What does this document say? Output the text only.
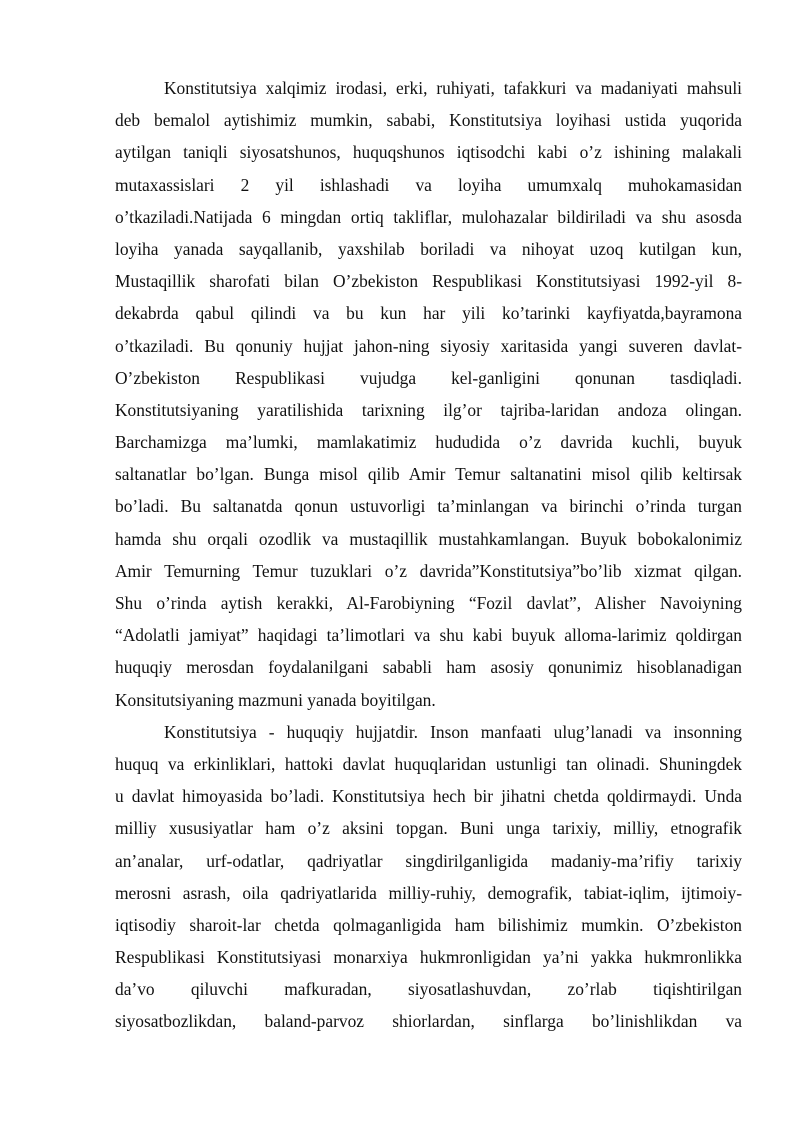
Konstitutsiya xalqimiz irodasi, erki, ruhiyati, tafakkuri va madaniyati mahsuli
deb bemalol aytishimiz mumkin, sababi, Konstitutsiya loyihasi ustida yuqorida
aytilgan taniqli siyosatshunos, huquqshunos iqtisodchi kabi o’z ishining malakali
mutaxassislari 2 yil ishlashadi va loyiha umumxalq muhokamasidan
o’tkaziladi.Natijada 6 mingdan ortiq takliflar, mulohazalar bildiriladi va shu asosda
loyiha yanada sayqallanib, yaxshilab boriladi va nihoyat uzoq kutilgan kun,
Mustaqillik sharofati bilan O’zbekiston Respublikasi Konstitutsiyasi 1992-yil 8-
dekabrda qabul qilindi va bu kun har yili ko’tarinki kayfiyatda,bayramona
o’tkaziladi. Bu qonuniy hujjat jahon-ning siyosiy xaritasida yangi suveren davlat-
O’zbekiston Respublikasi vujudga kel-ganligini qonunan tasdiqladi.
Konstitutsiyaning yaratilishida tarixning ilg’or tajriba-laridan andoza olingan.
Barchamizga ma’lumki, mamlakatimiz hududida o’z davrida kuchli, buyuk
saltanatlar bo’lgan. Bunga misol qilib Amir Temur saltanatini misol qilib keltirsak
bo’ladi. Bu saltanatda qonun ustuvorligi ta’minlangan va birinchi o’rinda turgan
hamda shu orqali ozodlik va mustaqillik mustahkamlangan. Buyuk bobokalonimiz
Amir Temurning Temur tuzuklari o’z davrida”Konstitutsiya”bo’lib xizmat qilgan.
Shu o’rinda aytish kerakki, Al-Farobiyning “Fozil davlat”, Alisher Navoiyning
“Adolatli jamiyat” haqidagi ta’limotlari va shu kabi buyuk alloma-larimiz qoldirgan
huquqiy merosdan foydalanilgani sababli ham asosiy qonunimiz hisoblanadigan
Konsitutsiyaning mazmuni yanada boyitilgan.
Konstitutsiya - huquqiy hujjatdir. Inson manfaati ulug’lanadi va insonning
huquq va erkinliklari, hattoki davlat huquqlaridan ustunligi tan olinadi. Shuningdek
u davlat himoyasida bo’ladi. Konstitutsiya hech bir jihatni chetda qoldirmaydi. Unda
milliy xususiyatlar ham o’z aksini topgan. Buni unga tarixiy, milliy, etnografik
an’analar, urf-odatlar, qadriyatlar singdirilganligida madaniy-ma’rifiy tarixiy
merosni asrash, oila qadriyatlarida milliy-ruhiy, demografik, tabiat-iqlim, ijtimoiy-
iqtisodiy sharoit-lar chetda qolmaganligida ham bilishimiz mumkin. O’zbekiston
Respublikasi Konstitutsiyasi monarxiya hukmronligidan ya’ni yakka hukmronlikka
da’vo qiluvchi mafkuradan, siyosatlashuvdan, zo’rlab tiqishtirilgan
siyosatbozlikdan, baland-parvoz shiorlardan, sinflarga bo’linishlikdan va
